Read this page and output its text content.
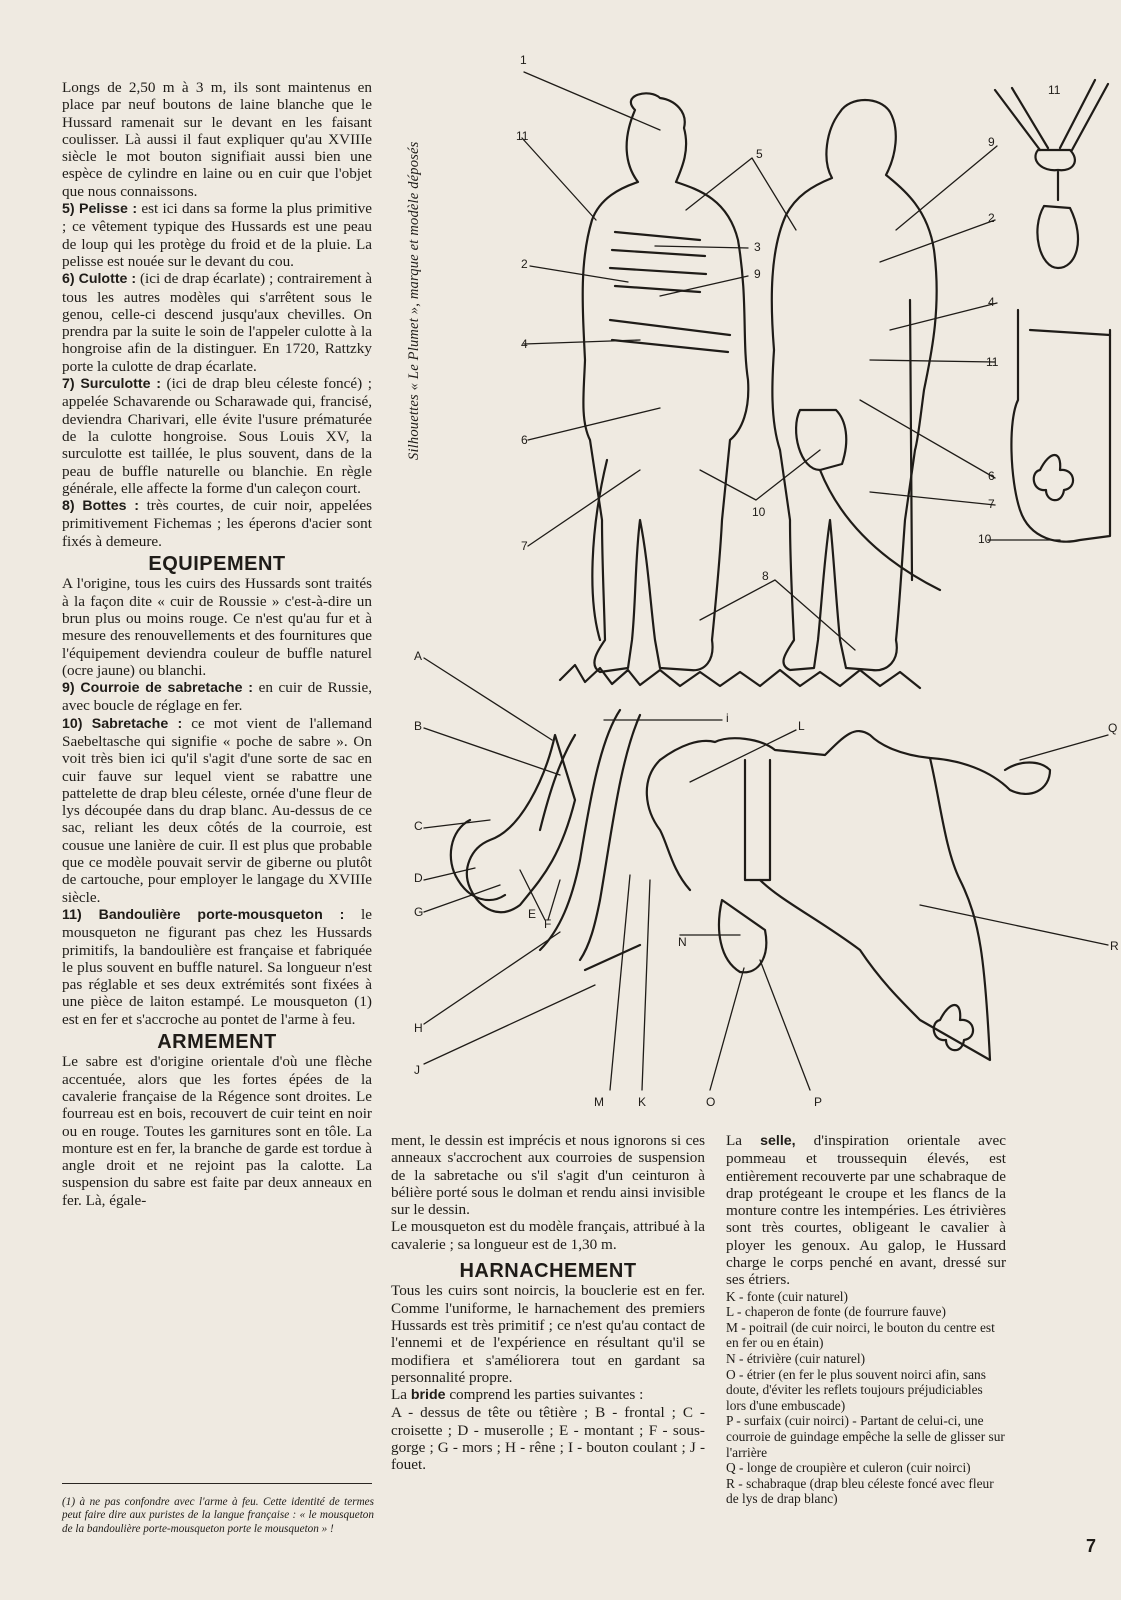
Longs de 2,50 m à 3 m, ils sont maintenus en place par neuf boutons de laine blanche que le Hussard ramenait sur le devant en les faisant coulisser. Là aussi il faut expliquer qu'au XVIIIe siècle le mot bouton signifiait aussi bien une espèce de cylindre en laine ou en cuir que l'objet que nous connaissons.

5) Pelisse : est ici dans sa forme la plus primitive ; ce vêtement typique des Hussards est une peau de loup qui les protège du froid et de la pluie. La pelisse est nouée sur le devant du cou.

6) Culotte : (ici de drap écarlate) ; contrairement à tous les autres modèles qui s'arrêtent sous le genou, celle-ci descend jusqu'aux chevilles. On prendra par la suite le soin de l'appeler culotte à la hongroise afin de la distinguer. En 1720, Rattzky porte la culotte de drap écarlate.

7) Surculotte : (ici de drap bleu céleste foncé) ; appelée Schavarende ou Scharawade qui, francisé, deviendra Charivari, elle évite l'usure prématurée de la culotte hongroise. Sous Louis XV, la surculotte est taillée, le plus souvent, dans de la peau de buffle naturelle ou blanchie. En règle générale, elle affecte la forme d'un caleçon court.

8) Bottes : très courtes, de cuir noir, appelées primitivement Fichemas ; les éperons d'acier sont fixés à demeure.

EQUIPEMENT

A l'origine, tous les cuirs des Hussards sont traités à la façon dite « cuir de Roussie » c'est-à-dire un brun plus ou moins rouge. Ce n'est qu'au fur et à mesure des renouvellements et des fournitures que l'équipement deviendra couleur de buffle naturel (ocre jaune) ou blanchi.

9) Courroie de sabretache : en cuir de Russie, avec boucle de réglage en fer.

10) Sabretache : ce mot vient de l'allemand Saebeltasche qui signifie « poche de sabre ». On voit très bien ici qu'il s'agit d'une sorte de sac en cuir fauve sur lequel vient se rabattre une pattelette de drap bleu céleste, ornée d'une fleur de lys découpée dans du drap blanc. Au-dessus de ce sac, reliant les deux côtés de la courroie, est cousue une lanière de cuir. Il est plus que probable que ce modèle pouvait servir de giberne ou plutôt de cartouche, pour employer le langage du XVIIIe siècle.

11) Bandoulière porte-mousqueton : le mousqueton ne figurant pas chez les Hussards primitifs, la bandoulière est française et fabriquée le plus souvent en buffle naturel. Sa longueur n'est pas réglable et ses deux extrémités sont fixées à une pièce de laiton estampé. Le mousqueton (1) est en fer et s'accroche au pontet de l'arme à feu.

ARMEMENT

Le sabre est d'origine orientale d'où une flèche accentuée, alors que les fortes épées de la cavalerie française de la Régence sont droites. Le fourreau est en bois, recouvert de cuir teint en noir ou en rouge. Toutes les garnitures sont en tôle. La monture est en fer, la branche de garde est tordue à angle droit et ne rejoint pas la calotte. La suspension du sabre est faite par deux anneaux en fer. Là, égale-

(1) à ne pas confondre avec l'arme à feu. Cette identité de termes peut faire dire aux puristes de la langue française : « le mousqueton de la bandoulière porte-mousqueton porte le mousqueton » !

ment, le dessin est imprécis et nous ignorons si ces anneaux s'accrochent aux courroies de suspension de la sabretache ou s'il s'agit d'un ceinturon à bélière porté sous le dolman et rendu ainsi invisible sur le dessin.

Le mousqueton est du modèle français, attribué à la cavalerie ; sa longueur est de 1,30 m.

HARNACHEMENT

Tous les cuirs sont noircis, la bouclerie est en fer. Comme l'uniforme, le harnachement des premiers Hussards est très primitif ; ce n'est qu'au contact de l'ennemi et de l'expérience en résultant qu'il se modifiera et s'améliorera tout en gardant sa personnalité propre.

La bride comprend les parties suivantes :

A - dessus de tête ou têtière ; B - frontal ; C - croisette ; D - muserolle ; E - montant ; F - sous-gorge ; G - mors ; H - rêne ; I - bouton coulant ; J - fouet.

La selle, d'inspiration orientale avec pommeau et troussequin élevés, est entièrement recouverte par une schabraque de drap protégeant le croupe et les flancs de la monture contre les intempéries. Les étrivières sont très courtes, obligeant le cavalier à ployer les genoux. Au galop, le Hussard charge le corps penché en avant, dressé sur ses étriers.

K - fonte (cuir naturel)
L - chaperon de fonte (de fourrure fauve)
M - poitrail (de cuir noirci, le bouton du centre est en fer ou en étain)
N - étrivière (cuir naturel)
O - étrier (en fer le plus souvent noirci afin, sans doute, d'éviter les reflets toujours préjudiciables lors d'une embuscade)
P - surfaix (cuir noirci) - Partant de celui-ci, une courroie de guindage empêche la selle de glisser sur l'arrière
Q - longe de croupière et culeron (cuir noirci)
R - schabraque (drap bleu céleste foncé avec fleur de lys de drap blanc)
7
Silhouettes « Le Plumet », marque et modèle déposés
1
11
5
3
2
9
4
6
7
8
10
9
2
4
11
6
7
10
11
A
B
C
D
G	E
F
H
J
i
L	Q
N
M	K	O	P
R
